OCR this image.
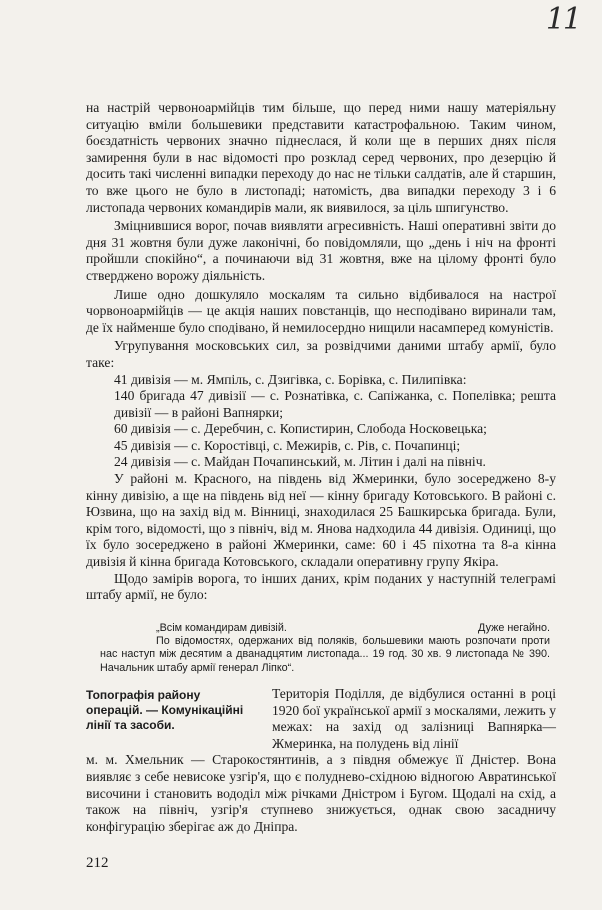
11

на настрій червоноармійців тим більше, що перед ними нашу матеріяльну ситуацію вміли большевики представити катастрофальною. Таким чином, боєздатність червоних значно піднеслася, й коли ще в перших днях після замирення були в нас відомості про розклад серед червоних, про дезерцію й досить такі численні випадки переходу до нас не тільки салдатів, але й старшин, то вже цього не було в листопаді; натомість, два випадки переходу 3 і 6 листопада червоних командирів мали, як виявилося, за ціль шпигунство.

Зміцнившися ворог, почав виявляти агресивність. Наші оперативні звіти до дня 31 жовтня були дуже лаконічні, бо повідомляли, що „день і ніч на фронті пройшли спокійно“, а починаючи від 31 жовтня, вже на цілому фронті було стверджено ворожу діяльність.

Лише одно дошкуляло москалям та сильно відбивалося на настрої чорвоноармійців — це акція наших повстанців, що несподівано виринали там, де їх найменше було сподівано, й немилосердно нищили насамперед комуністів.

Угрупування московських сил, за розвідчими даними штабу армії, було таке:

41 дивізія — м. Ямпіль, с. Дзигівка, с. Борівка, с. Пилипівка:
140 бригада 47 дивізії — с. Рознатівка, с. Сапіжанка, с. Попелівка; решта дивізії — в районі Вапнярки;
60 дивізія — с. Деребчин, с. Копистирин, Слобода Носковецька;
45 дивізія — с. Коростівці, с. Межирів, с. Рів, с. Почапинці;
24 дивізія — с. Майдан Почапинський, м. Літин і далі на північ.

У районі м. Красного, на південь від Жмеринки, було зосереджено 8-у кінну дивізію, а ще на південь від неї — кінну бригаду Котовського. В районі с. Юзвина, що на захід від м. Вінниці, знаходилася 25 Башкирська бригада. Були, крім того, відомості, що з північ, від м. Янова надходила 44 дивізія. Одиниці, що їх було зосереджено в районі Жмеринки, саме: 60 і 45 піхотна та 8-а кінна дивізія й кінна бригада Котовського, складали оперативну групу Якіра.

Щодо замірів ворога, то інших даних, крім поданих у наступній телеграмі штабу армії, не було:

„Всім командирам дивізій.	Дуже негайно.

По відомостях, одержаних від поляків, большевики мають розпочати проти нас наступ між десятим а дванадцятим листопада... 19 год. 30 хв. 9 листопада № 390. Начальник штабу армії генерал Ліпко“.

Топографія району операцій. — Комунікаційні лінії та засоби.

Територія Поділля, де відбулися останні в році 1920 бої української армії з москалями, лежить у межах: на захід од залізниці Вапнярка—Жмеринка, на полудень від лінії

м. м. Хмельник — Старокостянтинів, а з півдня обмежує її Дністер. Вона виявляє з себе невисоке узгір'я, що є полуднево-східною відногою Авратинської височини і становить вододіл між річками Дністром і Бугом. Щодалі на схід, а також на північ, узгір'я ступнево знижується, однак свою засадничу конфігурацію зберігає аж до Дніпра.

212
